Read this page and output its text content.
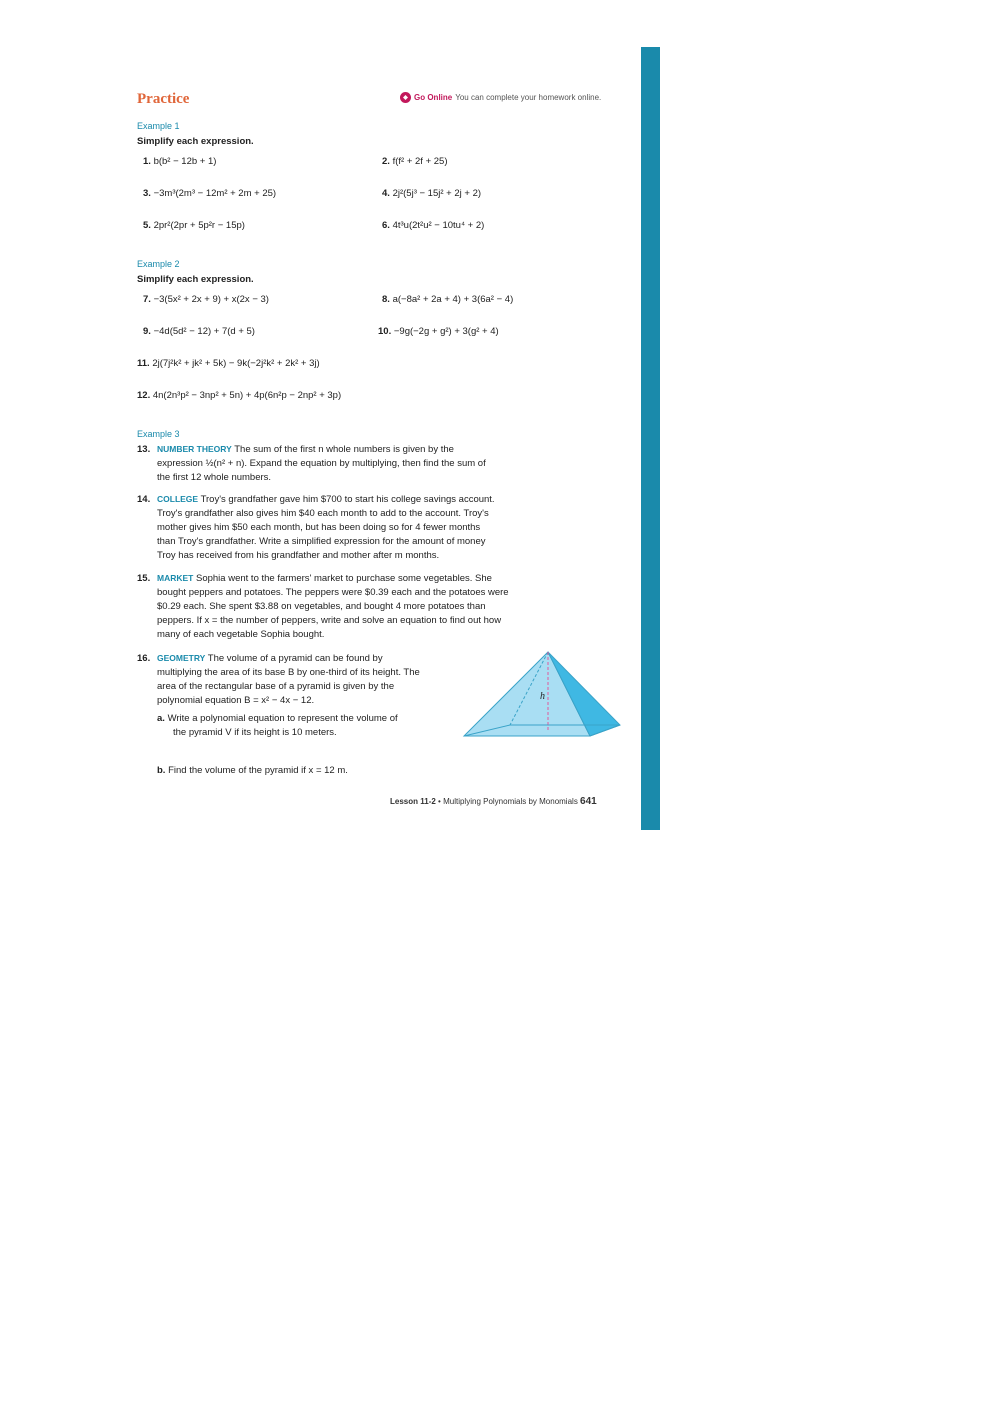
Practice	Go Online You can complete your homework online.
Example 1
Simplify each expression.
1. b(b² − 12b + 1)	2. f(f² + 2f + 25)
3. −3m³(2m³ − 12m² + 2m + 25)	4. 2j²(5j³ − 15j² + 2j + 2)
5. 2pr²(2pr + 5p²r − 15p)	6. 4t³u(2t²u² − 10tu⁴ + 2)
Example 2
Simplify each expression.
7. −3(5x² + 2x + 9) + x(2x − 3)	8. a(−8a² + 2a + 4) + 3(6a² − 4)
9. −4d(5d² − 12) + 7(d + 5)	10. −9g(−2g + g²) + 3(g² + 4)
11. 2j(7j²k² + jk² + 5k) − 9k(−2j²k² + 2k² + 3j)
12. 4n(2n³p² − 3np² + 5n) + 4p(6n²p − 2np² + 3p)
Example 3
13. NUMBER THEORY The sum of the first n whole numbers is given by the
expression ½(n² + n). Expand the equation by multiplying, then find the sum of
the first 12 whole numbers.
14. COLLEGE Troy's grandfather gave him $700 to start his college savings account.
Troy's grandfather also gives him $40 each month to add to the account. Troy's
mother gives him $50 each month, but has been doing so for 4 fewer months
than Troy's grandfather. Write a simplified expression for the amount of money
Troy has received from his grandfather and mother after m months.
15. MARKET Sophia went to the farmers' market to purchase some vegetables. She
bought peppers and potatoes. The peppers were $0.39 each and the potatoes were
$0.29 each. She spent $3.88 on vegetables, and bought 4 more potatoes than
peppers. If x = the number of peppers, write and solve an equation to find out how
many of each vegetable Sophia bought.
16. GEOMETRY The volume of a pyramid can be found by
multiplying the area of its base B by one-third of its height. The
area of the rectangular base of a pyramid is given by the
polynomial equation B = x² − 4x − 12.
a. Write a polynomial equation to represent the volume of
the pyramid V if its height is 10 meters.
b. Find the volume of the pyramid if x = 12 m.
h
Lesson 11-2 • Multiplying Polynomials by Monomials 641
